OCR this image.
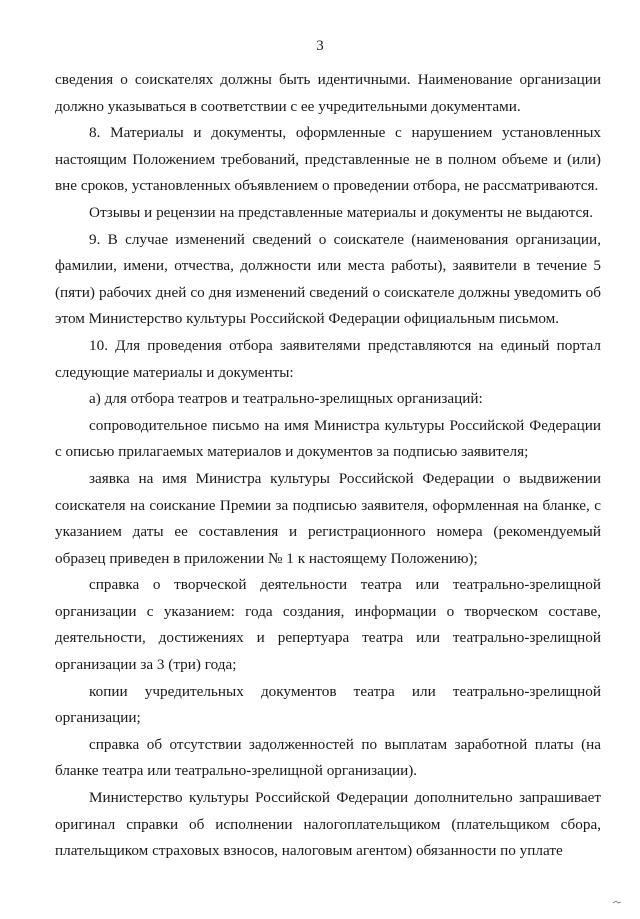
3

сведения о соискателях должны быть идентичными. Наименование организации должно указываться в соответствии с ее учредительными документами.

8. Материалы и документы, оформленные с нарушением установленных настоящим Положением требований, представленные не в полном объеме и (или) вне сроков, установленных объявлением о проведении отбора, не рассматриваются.

Отзывы и рецензии на представленные материалы и документы не выдаются.

9. В случае изменений сведений о соискателе (наименования организации, фамилии, имени, отчества, должности или места работы), заявители в течение 5 (пяти) рабочих дней со дня изменений сведений о соискателе должны уведомить об этом Министерство культуры Российской Федерации официальным письмом.

10. Для проведения отбора заявителями представляются на единый портал следующие материалы и документы:

а) для отбора театров и театрально-зрелищных организаций:

сопроводительное письмо на имя Министра культуры Российской Федерации с описью прилагаемых материалов и документов за подписью заявителя;

заявка на имя Министра культуры Российской Федерации о выдвижении соискателя на соискание Премии за подписью заявителя, оформленная на бланке, с указанием даты ее составления и регистрационного номера (рекомендуемый образец приведен в приложении № 1 к настоящему Положению);

справка о творческой деятельности театра или театрально-зрелищной организации с указанием: года создания, информации о творческом составе, деятельности, достижениях и репертуара театра или театрально-зрелищной организации за 3 (три) года;

копии учредительных документов театра или театрально-зрелищной организации;

справка об отсутствии задолженностей по выплатам заработной платы (на бланке театра или театрально-зрелищной организации).

Министерство культуры Российской Федерации дополнительно запрашивает оригинал справки об исполнении налогоплательщиком (плательщиком сбора, плательщиком страховых взносов, налоговым агентом) обязанности по уплате
